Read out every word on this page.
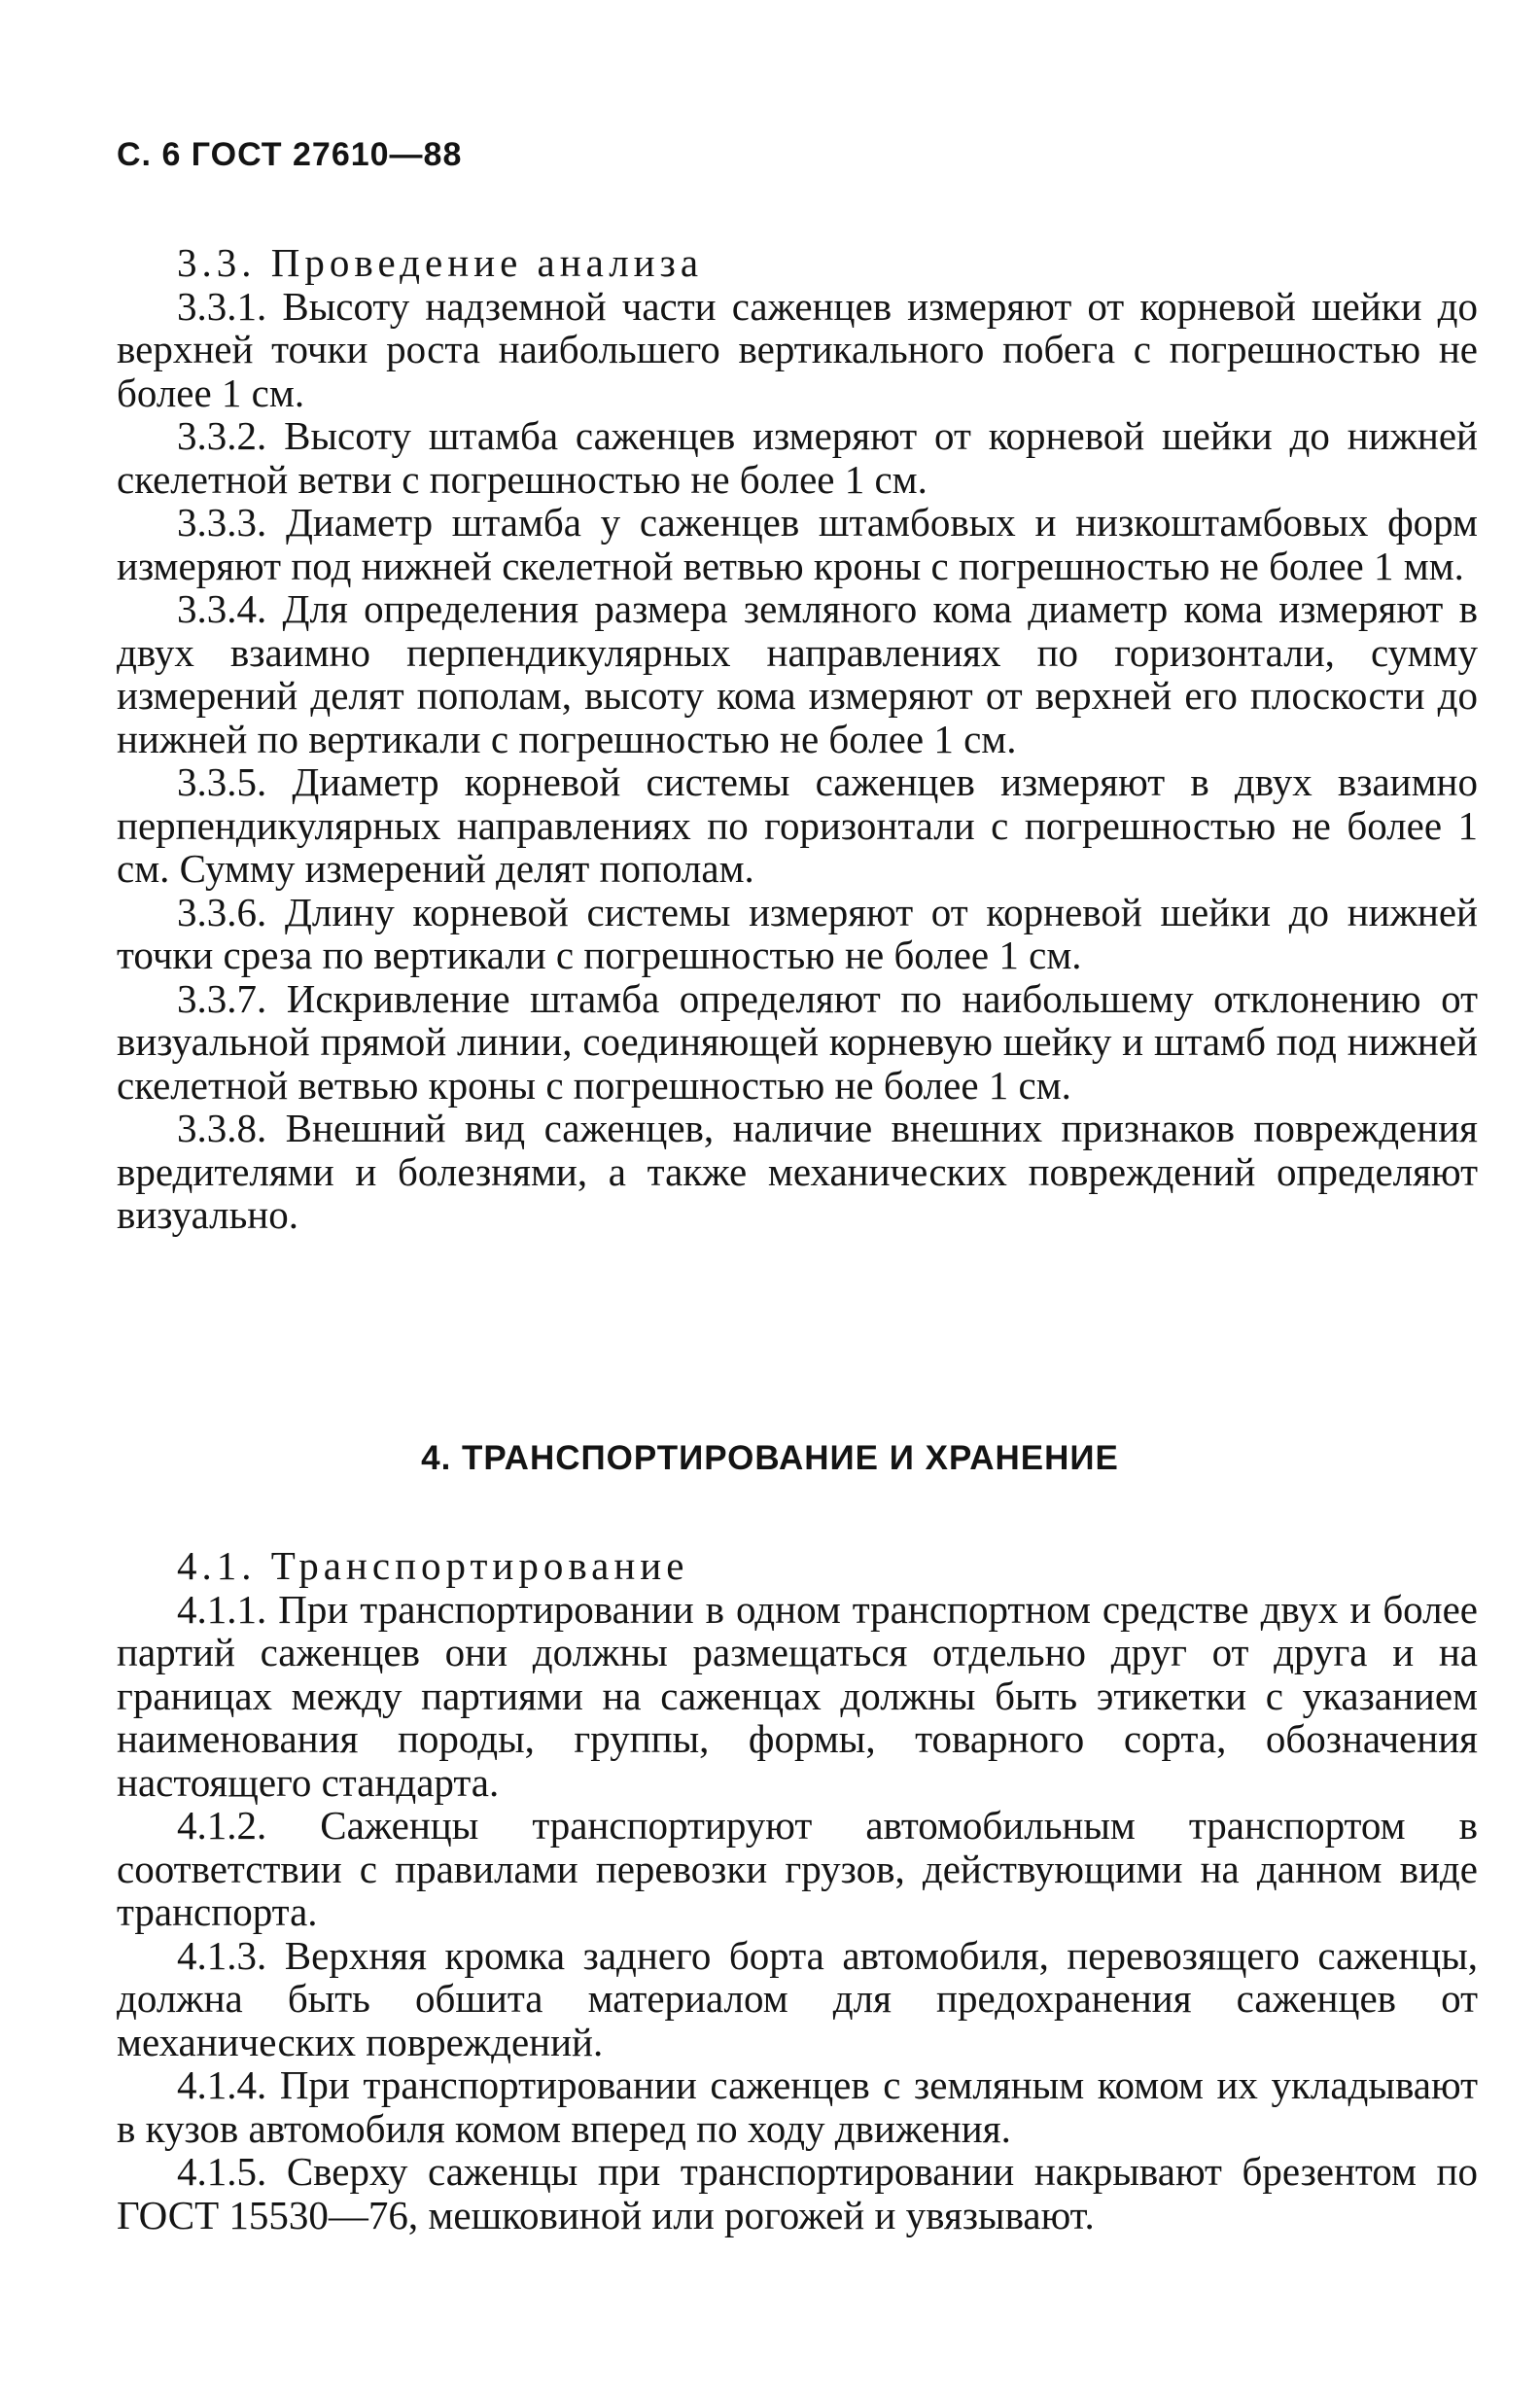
С. 6 ГОСТ 27610—88

3.3. Проведение анализа

3.3.1. Высоту надземной части саженцев измеряют от корневой шейки до верхней точки роста наибольшего вертикального побега с погрешностью не более 1 см.

3.3.2. Высоту штамба саженцев измеряют от корневой шейки до нижней скелетной ветви с погрешностью не более 1 см.

3.3.3. Диаметр штамба у саженцев штамбовых и низкоштамбовых форм измеряют под нижней скелетной ветвью кроны с погрешностью не более 1 мм.

3.3.4. Для определения размера земляного кома диаметр кома измеряют в двух взаимно перпендикулярных направлениях по горизонтали, сумму измерений делят пополам, высоту кома измеряют от верхней его плоскости до нижней по вертикали с погрешностью не более 1 см.

3.3.5. Диаметр корневой системы саженцев измеряют в двух взаимно перпендикулярных направлениях по горизонтали с погрешностью не более 1 см. Сумму измерений делят пополам.

3.3.6. Длину корневой системы измеряют от корневой шейки до нижней точки среза по вертикали с погрешностью не более 1 см.

3.3.7. Искривление штамба определяют по наибольшему отклонению от визуальной прямой линии, соединяющей корневую шейку и штамб под нижней скелетной ветвью кроны с погрешностью не более 1 см.

3.3.8. Внешний вид саженцев, наличие внешних признаков повреждения вредителями и болезнями, а также механических повреждений определяют визуально.

4. ТРАНСПОРТИРОВАНИЕ И ХРАНЕНИЕ

4.1. Транспортирование

4.1.1. При транспортировании в одном транспортном средстве двух и более партий саженцев они должны размещаться отдельно друг от друга и на границах между партиями на саженцах должны быть этикетки с указанием наименования породы, группы, формы, товарного сорта, обозначения настоящего стандарта.

4.1.2. Саженцы транспортируют автомобильным транспортом в соответствии с правилами перевозки грузов, действующими на данном виде транспорта.

4.1.3. Верхняя кромка заднего борта автомобиля, перевозящего саженцы, должна быть обшита материалом для предохранения саженцев от механических повреждений.

4.1.4. При транспортировании саженцев с земляным комом их укладывают в кузов автомобиля комом вперед по ходу движения.

4.1.5. Сверху саженцы при транспортировании накрывают брезентом по ГОСТ 15530—76, мешковиной или рогожей и увязывают.
